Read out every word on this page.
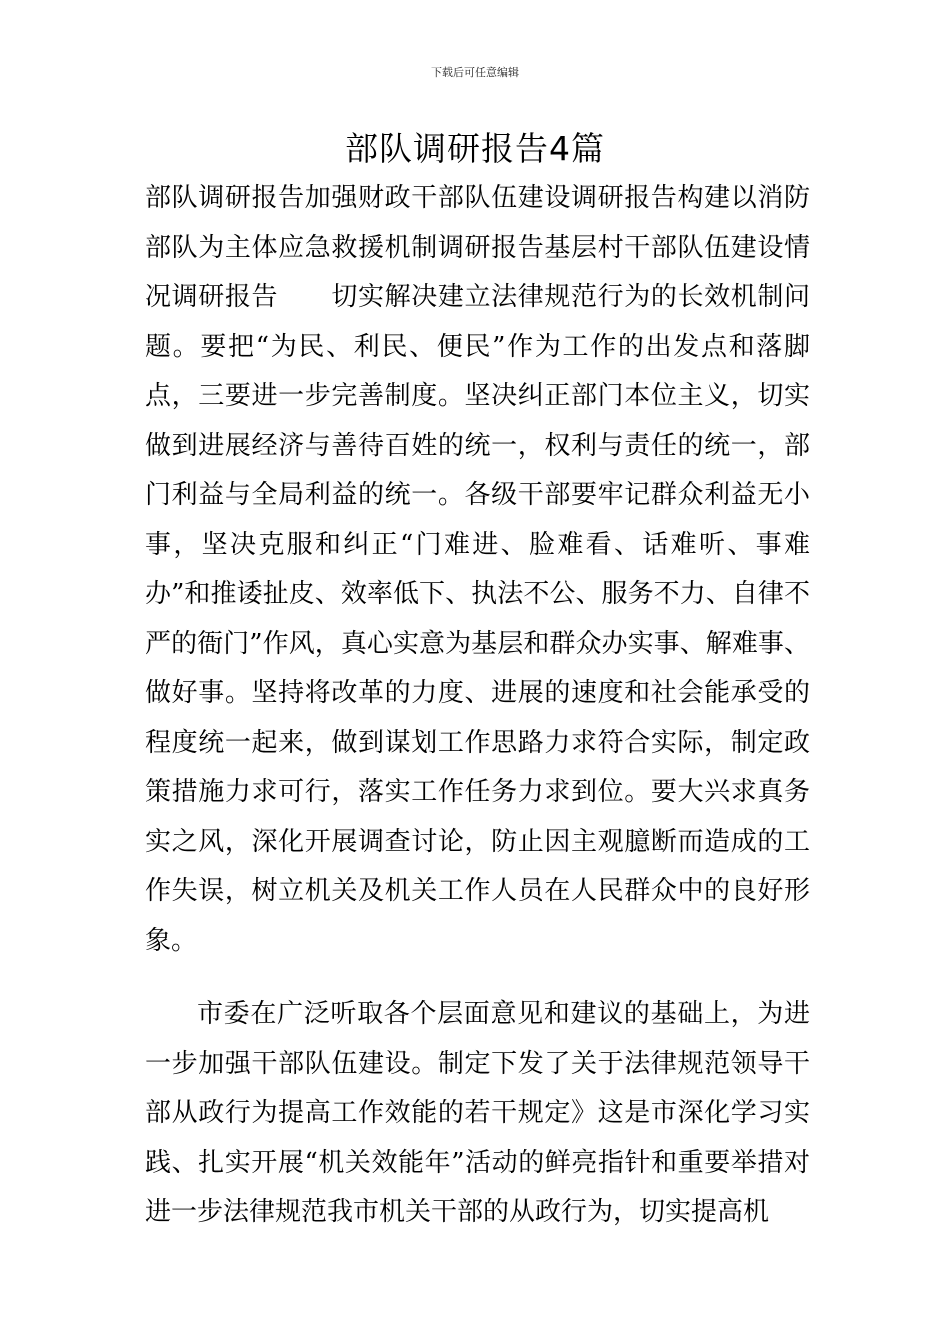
下载后可任意编辑
部队调研报告4篇

部队调研报告加强财政干部队伍建设调研报告构建以消防部队为主体应急救援机制调研报告基层村干部队伍建设情况调研报告　　切实解决建立法律规范行为的长效机制问题。要把“为民、利民、便民”作为工作的出发点和落脚点，三要进一步完善制度。坚决纠正部门本位主义，切实做到进展经济与善待百姓的统一，权利与责任的统一，部门利益与全局利益的统一。各级干部要牢记群众利益无小事，坚决克服和纠正“门难进、脸难看、话难听、事难办”和推诿扯皮、效率低下、执法不公、服务不力、自律不严的衙门”作风，真心实意为基层和群众办实事、解难事、做好事。坚持将改革的力度、进展的速度和社会能承受的程度统一起来，做到谋划工作思路力求符合实际，制定政策措施力求可行，落实工作任务力求到位。要大兴求真务实之风，深化开展调查讨论，防止因主观臆断而造成的工作失误，树立机关及机关工作人员在人民群众中的良好形象。

市委在广泛听取各个层面意见和建议的基础上，为进一步加强干部队伍建设。制定下发了关于法律规范领导干部从政行为提高工作效能的若干规定》这是市深化学习实践、扎实开展“机关效能年”活动的鲜亮指针和重要举措对进一步法律规范我市机关干部的从政行为，切实提高机
